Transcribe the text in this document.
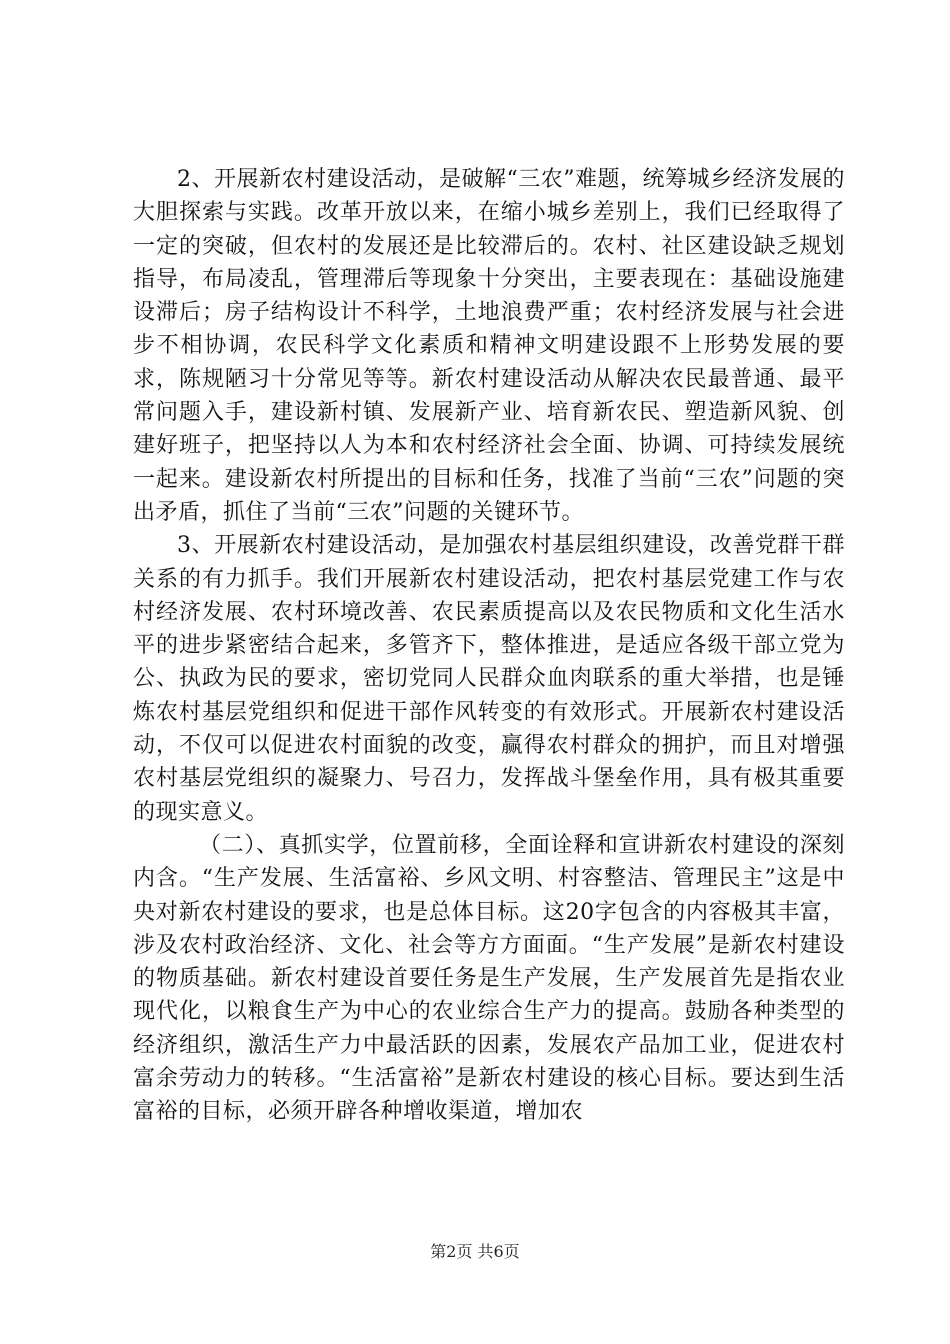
2、开展新农村建设活动，是破解“三农”难题，统筹城乡经济发展的大胆探索与实践。改革开放以来，在缩小城乡差别上，我们已经取得了一定的突破，但农村的发展还是比较滞后的。农村、社区建设缺乏规划指导，布局凌乱，管理滞后等现象十分突出，主要表现在：基础设施建设滞后；房子结构设计不科学，土地浪费严重；农村经济发展与社会进步不相协调，农民科学文化素质和精神文明建设跟不上形势发展的要求，陈规陋习十分常见等等。新农村建设活动从解决农民最普通、最平常问题入手，建设新村镇、发展新产业、培育新农民、塑造新风貌、创建好班子，把坚持以人为本和农村经济社会全面、协调、可持续发展统一起来。建设新农村所提出的目标和任务，找准了当前“三农”问题的突出矛盾，抓住了当前“三农”问题的关键环节。

3、开展新农村建设活动，是加强农村基层组织建设，改善党群干群关系的有力抓手。我们开展新农村建设活动，把农村基层党建工作与农村经济发展、农村环境改善、农民素质提高以及农民物质和文化生活水平的进步紧密结合起来，多管齐下，整体推进，是适应各级干部立党为公、执政为民的要求，密切党同人民群众血肉联系的重大举措，也是锤炼农村基层党组织和促进干部作风转变的有效形式。开展新农村建设活动，不仅可以促进农村面貌的改变，赢得农村群众的拥护，而且对增强农村基层党组织的凝聚力、号召力，发挥战斗堡垒作用，具有极其重要的现实意义。

（二）、真抓实学，位置前移，全面诠释和宣讲新农村建设的深刻内含。“生产发展、生活富裕、乡风文明、村容整洁、管理民主”这是中央对新农村建设的要求，也是总体目标。这20字包含的内容极其丰富，涉及农村政治经济、文化、社会等方方面面。“生产发展”是新农村建设的物质基础。新农村建设首要任务是生产发展，生产发展首先是指农业现代化，以粮食生产为中心的农业综合生产力的提高。鼓励各种类型的经济组织，激活生产力中最活跃的因素，发展农产品加工业，促进农村富余劳动力的转移。“生活富裕”是新农村建设的核心目标。要达到生活富裕的目标，必须开辟各种增收渠道，增加农

第2页 共6页
